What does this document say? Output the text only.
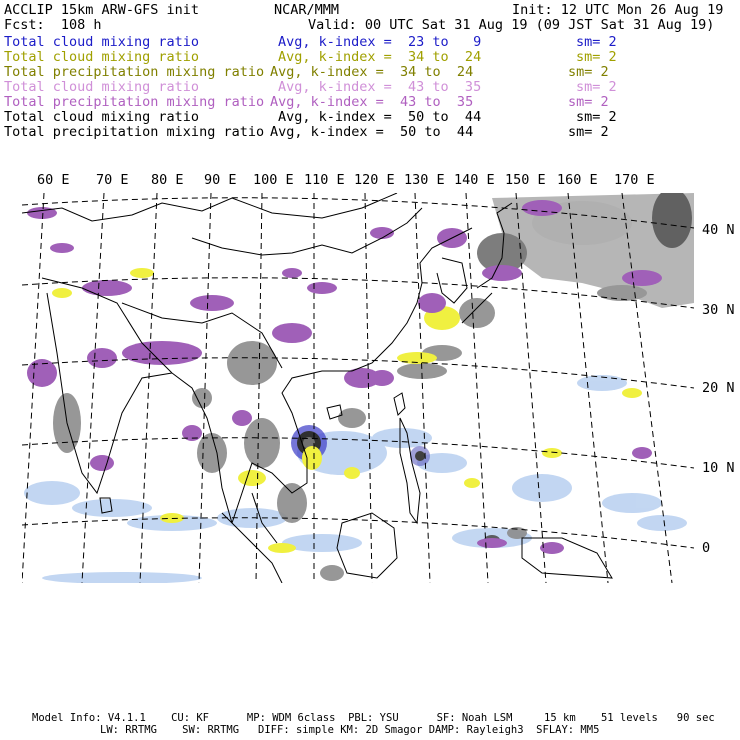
ACCLIP 15km ARW-GFS init	NCAR/MMM	Init: 12 UTC Mon 26 Aug 19
Fcst:  108 h	Valid: 00 UTC Sat 31 Aug 19 (09 JST Sat 31 Aug 19)
Total cloud mixing ratio	Avg, k-index =  23 to   9	sm= 2
Total cloud mixing ratio	Avg, k-index =  34 to  24	sm= 2
Total precipitation mixing ratio Avg, k-index =  34 to  24	sm= 2
Total cloud mixing ratio	Avg, k-index =  43 to  35	sm= 2
Total precipitation mixing ratio Avg, k-index =  43 to  35	sm= 2
Total cloud mixing ratio	Avg, k-index =  50 to  44	sm= 2
Total precipitation mixing ratio Avg, k-index =  50 to  44	sm= 2
60 E 70 E 80 E 90 E 100 E 110 E 120 E 130 E 140 E 150 E 160 E 170 E
40 N
30 N
20 N
10 N
0
Model Info: V4.1.1    CU: KF      MP: WDM 6class  PBL: YSU      SF: Noah LSM     15 km    51 levels   90 sec
LW: RRTMG    SW: RRTMG   DIFF: simple KM: 2D Smagor DAMP: Rayleigh3  SFLAY: MM5
